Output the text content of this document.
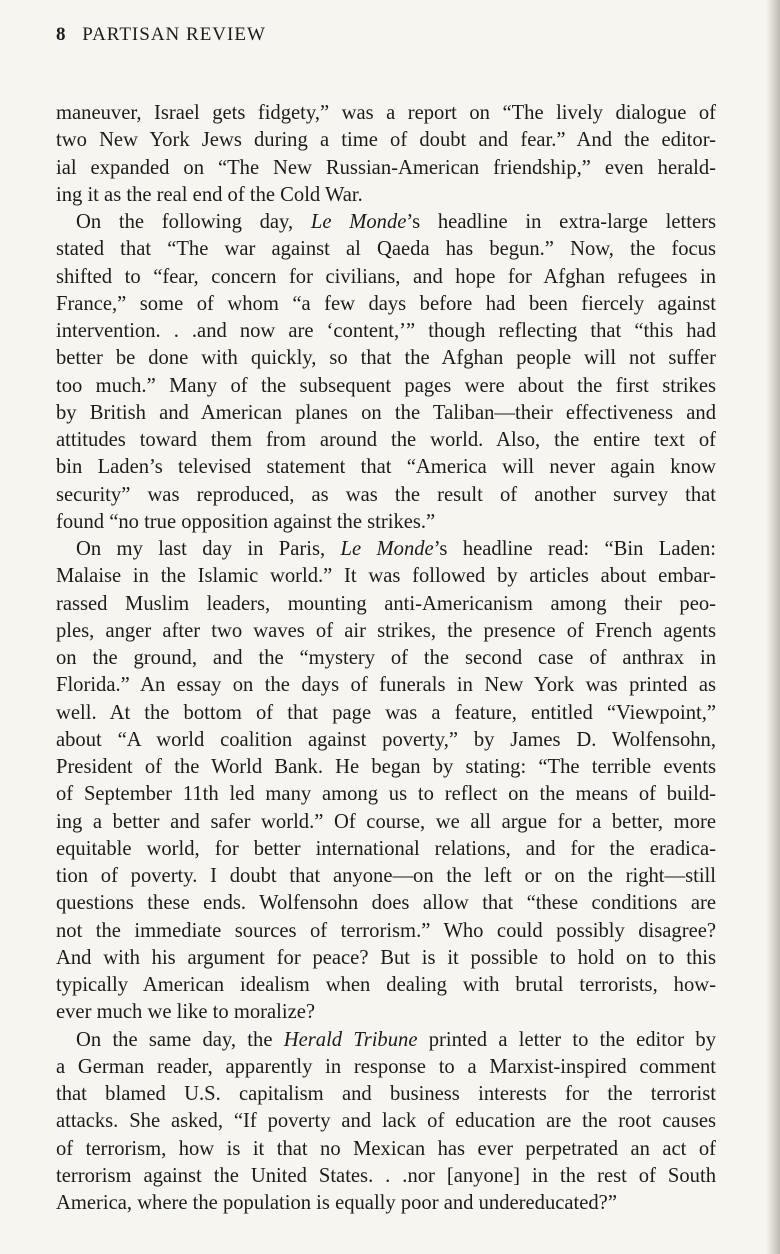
8 PARTISAN REVIEW
maneuver, Israel gets fidgety,” was a report on “The lively dialogue of
two New York Jews during a time of doubt and fear.” And the editor-
ial expanded on “The New Russian-American friendship,” even herald-
ing it as the real end of the Cold War.
On the following day, Le Monde’s headline in extra-large letters
stated that “The war against al Qaeda has begun.” Now, the focus
shifted to “fear, concern for civilians, and hope for Afghan refugees in
France,” some of whom “a few days before had been fiercely against
intervention. . .and now are ‘content,’” though reflecting that “this had
better be done with quickly, so that the Afghan people will not suffer
too much.” Many of the subsequent pages were about the first strikes
by British and American planes on the Taliban—their effectiveness and
attitudes toward them from around the world. Also, the entire text of
bin Laden’s televised statement that “America will never again know
security” was reproduced, as was the result of another survey that
found “no true opposition against the strikes.”
On my last day in Paris, Le Monde’s headline read: “Bin Laden:
Malaise in the Islamic world.” It was followed by articles about embar-
rassed Muslim leaders, mounting anti-Americanism among their peo-
ples, anger after two waves of air strikes, the presence of French agents
on the ground, and the “mystery of the second case of anthrax in
Florida.” An essay on the days of funerals in New York was printed as
well. At the bottom of that page was a feature, entitled “Viewpoint,”
about “A world coalition against poverty,” by James D. Wolfensohn,
President of the World Bank. He began by stating: “The terrible events
of September 11th led many among us to reflect on the means of build-
ing a better and safer world.” Of course, we all argue for a better, more
equitable world, for better international relations, and for the eradica-
tion of poverty. I doubt that anyone—on the left or on the right—still
questions these ends. Wolfensohn does allow that “these conditions are
not the immediate sources of terrorism.” Who could possibly disagree?
And with his argument for peace? But is it possible to hold on to this
typically American idealism when dealing with brutal terrorists, how-
ever much we like to moralize?
On the same day, the Herald Tribune printed a letter to the editor by
a German reader, apparently in response to a Marxist-inspired comment
that blamed U.S. capitalism and business interests for the terrorist
attacks. She asked, “If poverty and lack of education are the root causes
of terrorism, how is it that no Mexican has ever perpetrated an act of
terrorism against the United States. . .nor [anyone] in the rest of South
America, where the population is equally poor and undereducated?”
